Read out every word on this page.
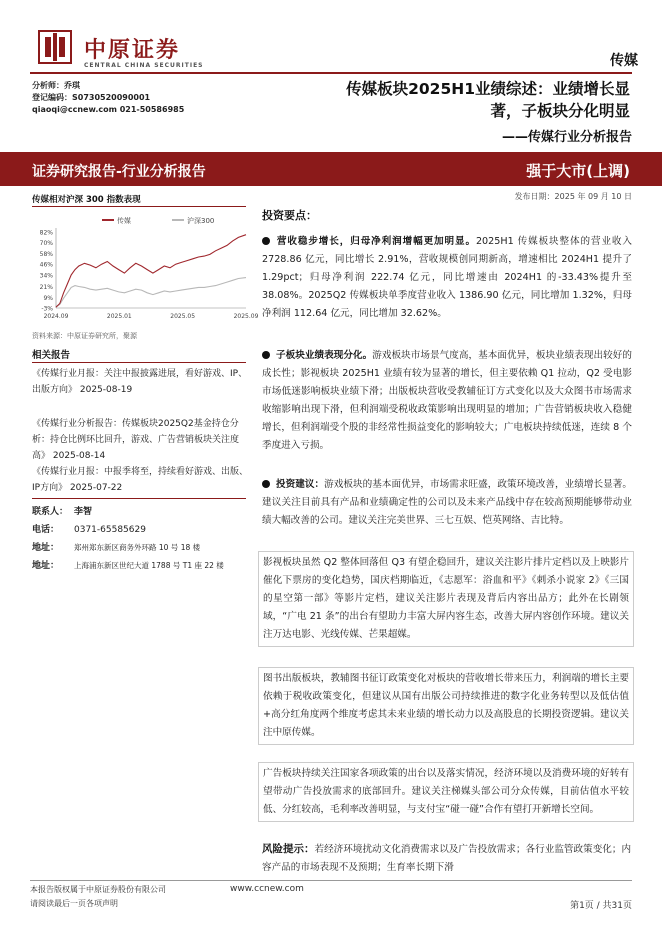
中原证券
CENTRAL CHINA SECURITIES	传媒
分析师：乔琪
登记编码：S0730520090001
qiaoqi@ccnew.com 021-50586985
传媒板块2025H1业绩综述：业绩增长显
著，子板块分化明显
——传媒行业分析报告
证券研究报告-行业分析报告	强于大市(上调)
发布日期：2025 年 09 月 10 日
传媒相对沪深 300 指数表现
传媒	沪深300
82%
70%
58%
46%
34%
21%
9%
-3%
2024.09	2025.01	2025.05	2025.09
资料来源：中原证券研究所，聚源
相关报告
《传媒行业月报：关注中报披露进展，看好游戏、IP、出版方向》 2025-08-19
《传媒行业分析报告：传媒板块2025Q2基金持仓分析：持仓比例环比回升，游戏、广告营销板块关注度高》 2025-08-14
《传媒行业月报：中报季将至，持续看好游戏、出版、IP方向》 2025-07-22
联系人： 李智
电话： 0371-65585629
地址： 郑州郑东新区商务外环路 10 号 18 楼
地址： 上海浦东新区世纪大道 1788 号 T1 座 22 楼
投资要点：
营收稳步增长，归母净利润增幅更加明显。2025H1 传媒板块整体的营业收入 2728.86 亿元，同比增长 2.91%，营收规模创同期新高，增速相比 2024H1 提升了 1.29pct；归母净利润 222.74 亿元，同比增速由 2024H1 的-33.43%提升至 38.08%。2025Q2 传媒板块单季度营业收入 1386.90 亿元，同比增加 1.32%，归母净利润 112.64 亿元，同比增加 32.62%。
子板块业绩表现分化。游戏板块市场景气度高，基本面优异，板块业绩表现出较好的成长性；影视板块 2025H1 业绩有较为显著的增长，但主要依赖 Q1 拉动，Q2 受电影市场低迷影响板块业绩下滑；出版板块营收受教辅征订方式变化以及大众图书市场需求收缩影响出现下滑，但利润端受税收政策影响出现明显的增加；广告营销板块收入稳健增长，但利润端受个股的非经常性损益变化的影响较大；广电板块持续低迷，连续 8 个季度进入亏损。
投资建议：游戏板块的基本面优异，市场需求旺盛，政策环境改善，业绩增长显著。建议关注目前具有产品和业绩确定性的公司以及未来产品线中存在较高预期能够带动业绩大幅改善的公司。建议关注完美世界、三七互娱、恺英网络、吉比特。
影视板块虽然 Q2 整体回落但 Q3 有望企稳回升，建议关注影片排片定档以及上映影片催化下票房的变化趋势，国庆档期临近，《志愿军：浴血和平》《刺杀小说家 2》《三国的星空第一部》等影片定档，建议关注影片表现及背后内容出品方；此外在长剧领域，“广电 21 条”的出台有望助力丰富大屏内容生态，改善大屏内容创作环境。建议关注万达电影、光线传媒、芒果超媒。
图书出版板块，教辅图书征订政策变化对板块的营收增长带来压力，利润端的增长主要依赖于税收政策变化，但建议从国有出版公司持续推进的数字化业务转型以及低估值+高分红角度两个维度考虑其未来业绩的增长动力以及高股息的长期投资逻辑。建议关注中原传媒。
广告板块持续关注国家各项政策的出台以及落实情况，经济环境以及消费环境的好转有望带动广告投放需求的底部回升。建议关注梯媒头部公司分众传媒，目前估值水平较低、分红较高，毛利率改善明显，与支付宝“碰一碰”合作有望打开新增长空间。
风险提示：若经济环境扰动文化消费需求以及广告投放需求；各行业监管政策变化；内容产品的市场表现不及预期；生育率长期下滑
本报告版权属于中原证券股份有限公司	www.ccnew.com
请阅读最后一页各项声明	第1页 / 共31页
